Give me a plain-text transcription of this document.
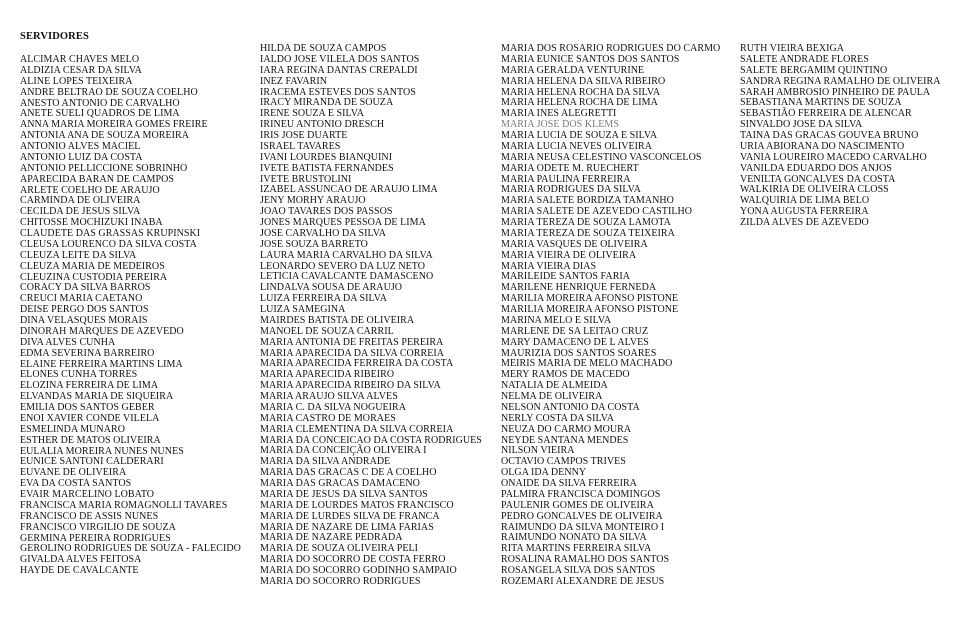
SERVIDORES
ALCIMAR CHAVES MELO
ALDIZIA CESAR DA SILVA
ALINE LOPES TEIXEIRA
ANDRE BELTRAO DE SOUZA COELHO
ANESTO ANTONIO DE CARVALHO
ANETE SUELI QUADROS DE LIMA
ANNA MARIA MOREIRA GOMES FREIRE
ANTONIA ANA DE SOUZA MOREIRA
ANTONIO ALVES MACIEL
ANTONIO LUIZ DA COSTA
ANTONIO PELLICCIONE SOBRINHO
APARECIDA BARAN DE CAMPOS
ARLETE COELHO DE ARAUJO
CARMINDA DE OLIVEIRA
CECILDA DE JESUS SILVA
CHITOSSE MOCHIZUKI INABA
CLAUDETE DAS GRASSAS KRUPINSKI
CLEUSA LOURENCO DA SILVA COSTA
CLEUZA LEITE DA SILVA
CLEUZA MARIA DE MEDEIROS
CLEUZINA CUSTODIA PEREIRA
CORACY DA SILVA BARROS
CREUCI MARIA CAETANO
DEISE PERGO DOS SANTOS
DINA VELASQUES MORAIS
DINORAH MARQUES DE AZEVEDO
DIVA ALVES CUNHA
EDMA SEVERINA BARREIRO
ELAINE FERREIRA MARTINS LIMA
ELONES CUNHA TORRES
ELOZINA FERREIRA DE LIMA
ELVANDAS MARIA DE SIQUEIRA
EMILIA DOS SANTOS GEBER
ENOI XAVIER CONDE VILELA
ESMELINDA MUNARO
ESTHER DE MATOS OLIVEIRA
EULALIA MOREIRA NUNES NUNES
EUNICE SANTONI CALDERARI
EUVANE DE OLIVEIRA
EVA DA COSTA SANTOS
EVAIR MARCELINO LOBATO
FRANCISCA MARIA ROMAGNOLLI TAVARES
FRANCISCO DE ASSIS NUNES
FRANCISCO VIRGILIO DE SOUZA
GERMINA PEREIRA RODRIGUES
GEROLINO RODRIGUES DE SOUZA - FALECIDO
GIVALDA ALVES FEITOSA
HAYDE DE CAVALCANTE
HILDA DE SOUZA CAMPOS
IALDO JOSE VILELA DOS SANTOS
IARA REGINA DANTAS CREPALDI
INEZ FAVARIN
IRACEMA ESTEVES DOS SANTOS
IRACY MIRANDA DE SOUZA
IRENE SOUZA E SILVA
IRINEU ANTONIO DRESCH
IRIS JOSE DUARTE
ISRAEL TAVARES
IVANI LOURDES BIANQUINI
IVETE BATISTA FERNANDES
IVETE BRUSTOLINI
IZABEL ASSUNCAO DE ARAUJO LIMA
JENY MORHY ARAUJO
JOAO TAVARES DOS PASSOS
JONES MARQUES PESSOA DE LIMA
JOSE CARVALHO DA SILVA
JOSE SOUZA BARRETO
LAURA MARIA CARVALHO DA SILVA
LEONARDO SEVERO DA LUZ NETO
LETICIA CAVALCANTE DAMASCENO
LINDALVA SOUSA DE ARAUJO
LUIZA FERREIRA DA SILVA
LUIZA SAMEGINA
MAIRDES BATISTA DE OLIVEIRA
MANOEL DE SOUZA CARRIL
MARIA ANTONIA DE FREITAS PEREIRA
MARIA APARECIDA DA SILVA CORREIA
MARIA APARECIDA FERREIRA DA COSTA
MARIA APARECIDA RIBEIRO
MARIA APARECIDA RIBEIRO DA SILVA
MARIA ARAUJO SILVA ALVES
MARIA C. DA SILVA NOGUEIRA
MARIA CASTRO DE MORAES
MARIA CLEMENTINA DA SILVA CORREIA
MARIA DA CONCEICAO DA COSTA RODRIGUES
MARIA DA CONCEIÇÃO OLIVEIRA I
MARIA DA SILVA ANDRADE
MARIA DAS GRACAS C DE A COELHO
MARIA DAS GRACAS DAMACENO
MARIA DE JESUS DA SILVA SANTOS
MARIA DE LOURDES MATOS FRANCISCO
MARIA DE LURDES SILVA DE FRANCA
MARIA DE NAZARE DE LIMA FARIAS
MARIA DE NAZARE PEDRADA
MARIA DE SOUZA OLIVEIRA PELI
MARIA DO SOCORRO DE COSTA FERRO
MARIA DO SOCORRO GODINHO SAMPAIO
MARIA DO SOCORRO RODRIGUES
MARIA DOS ROSARIO RODRIGUES DO CARMO
MARIA EUNICE SANTOS DOS SANTOS
MARIA GERALDA VENTURINE
MARIA HELENA DA SILVA RIBEIRO
MARIA HELENA ROCHA DA SILVA
MARIA HELENA ROCHA DE LIMA
MARIA INES ALEGRETTI
MARIA JOSE DOS KLEMS
MARIA LUCIA DE SOUZA E SILVA
MARIA LUCIA NEVES OLIVEIRA
MARIA NEUSA CELESTINO VASCONCELOS
MARIA ODETE M. RUECHERT
MARIA PAULINA FERREIRA
MARIA RODRIGUES DA SILVA
MARIA SALETE BORDIZA TAMANHO
MARIA SALETE DE AZEVEDO CASTILHO
MARIA TEREZA DE SOUZA LAMOTA
MARIA TEREZA DE SOUZA TEIXEIRA
MARIA VASQUES DE OLIVEIRA
MARIA VIEIRA DE OLIVEIRA
MARIA VIEIRA DIAS
MARILEIDE SANTOS FARIA
MARILENE HENRIQUE FERNEDA
MARILIA MOREIRA AFONSO PISTONE
MARILIA MOREIRA AFONSO PISTONE
MARINA MELO E SILVA
MARLENE DE SA LEITAO CRUZ
MARY DAMACENO DE L ALVES
MAURIZIA DOS SANTOS SOARES
MEIRIS MARIA DE MELO MACHADO
MERY RAMOS DE MACEDO
NATALIA DE ALMEIDA
NELMA DE OLIVEIRA
NELSON ANTONIO DA COSTA
NERLY COSTA DA SILVA
NEUZA DO CARMO MOURA
NEYDE SANTANA MENDES
NILSON VIEIRA
OCTAVIO CAMPOS TRIVES
OLGA IDA DENNY
ONAIDE DA SILVA FERREIRA
PALMIRA FRANCISCA DOMINGOS
PAULENIR GOMES DE OLIVEIRA
PEDRO GONCALVES DE OLIVEIRA
RAIMUNDO DA SILVA MONTEIRO I
RAIMUNDO NONATO DA SILVA
RITA MARTINS FERREIRA SILVA
ROSALINA RAMALHO DOS SANTOS
ROSANGELA SILVA DOS SANTOS
ROZEMARI ALEXANDRE DE JESUS
RUTH VIEIRA BEXIGA
SALETE ANDRADE FLORES
SALETE BERGAMIM QUINTINO
SANDRA REGINA RAMALHO DE OLIVEIRA
SARAH AMBROSIO PINHEIRO DE PAULA
SEBASTIANA MARTINS DE SOUZA
SEBASTIÃO FERREIRA DE ALENCAR
SINVALDO JOSE DA SILVA
TAINA DAS GRACAS GOUVEA BRUNO
URIA ABIORANA DO NASCIMENTO
VANIA LOUREIRO MACEDO CARVALHO
VANILDA EDUARDO DOS ANJOS
VENILTA GONCALVES DA COSTA
WALKIRIA DE OLIVEIRA CLOSS
WALQUIRIA DE LIMA BELO
YONA AUGUSTA FERREIRA
ZILDA ALVES DE AZEVEDO
